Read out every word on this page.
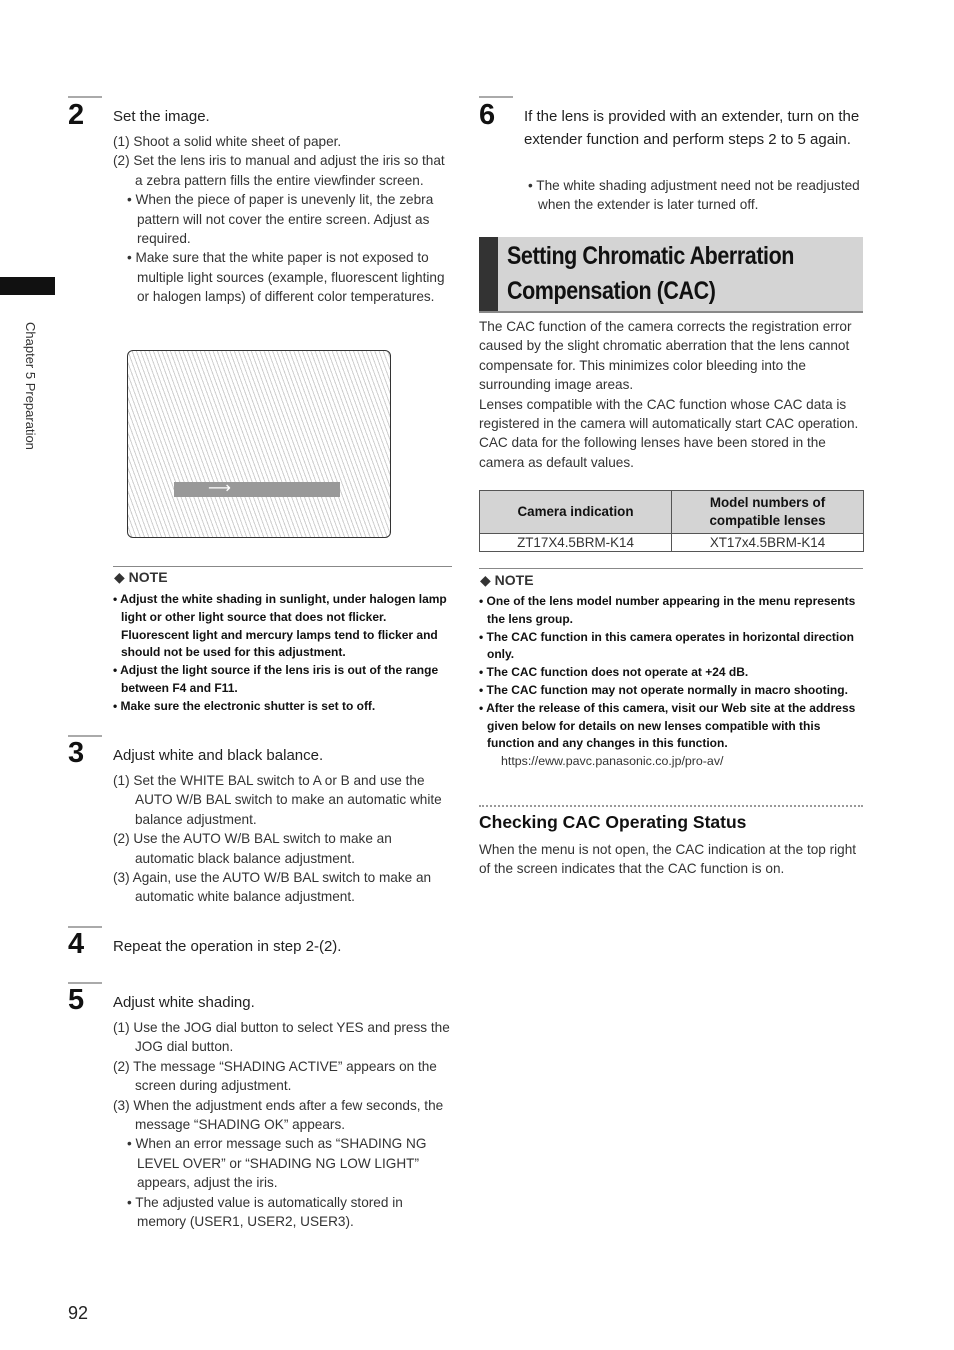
Chapter 5 Preparation
2 Set the image.

(1) Shoot a solid white sheet of paper.

(2) Set the lens iris to manual and adjust the iris so that a zebra pattern fills the entire viewfinder screen.

• When the piece of paper is unevenly lit, the zebra pattern will not cover the entire screen. Adjust as required.

• Make sure that the white paper is not exposed to multiple light sources (example, fluorescent lighting or halogen lamps) of different color temperatures.

⟶
◆ NOTE

• Adjust the white shading in sunlight, under halogen lamp light or other light source that does not flicker. Fluorescent light and mercury lamps tend to flicker and should not be used for this adjustment.

• Adjust the light source if the lens iris is out of the range between F4 and F11.

• Make sure the electronic shutter is set to off.

3 Adjust white and black balance.

(1) Set the WHITE BAL switch to A or B and use the AUTO W/B BAL switch to make an automatic white balance adjustment.

(2) Use the AUTO W/B BAL switch to make an automatic black balance adjustment.

(3) Again, use the AUTO W/B BAL switch to make an automatic white balance adjustment.

4 Repeat the operation in step 2-(2).
5 Adjust white shading.

(1) Use the JOG dial button to select YES and press the JOG dial button.

(2) The message “SHADING ACTIVE” appears on the screen during adjustment.

(3) When the adjustment ends after a few seconds, the message “SHADING OK” appears.

• When an error message such as “SHADING NG LEVEL OVER” or “SHADING NG LOW LIGHT” appears, adjust the iris.

• The adjusted value is automatically stored in memory (USER1, USER2, USER3).

6 If the lens is provided with an extender, turn on the extender function and perform steps 2 to 5 again.

• The white shading adjustment need not be readjusted when the extender is later turned off.

Setting Chromatic Aberration Compensation (CAC)

The CAC function of the camera corrects the registration error caused by the slight chromatic aberration that the lens cannot compensate for. This minimizes color bleeding into the surrounding image areas.

Lenses compatible with the CAC function whose CAC data is registered in the camera will automatically start CAC operation.

CAC data for the following lenses have been stored in the camera as default values.

Camera indication	Model numbers of compatible lenses
ZT17X4.5BRM-K14	XT17x4.5BRM-K14
◆ NOTE

• One of the lens model number appearing in the menu represents the lens group.

• The CAC function in this camera operates in horizontal direction only.

• The CAC function does not operate at +24 dB.

• The CAC function may not operate normally in macro shooting.

• After the release of this camera, visit our Web site at the address given below for details on new lenses compatible with this function and any changes in this function.

https://eww.pavc.panasonic.co.jp/pro-av/

Checking CAC Operating Status

When the menu is not open, the CAC indication at the top right of the screen indicates that the CAC function is on.

92
